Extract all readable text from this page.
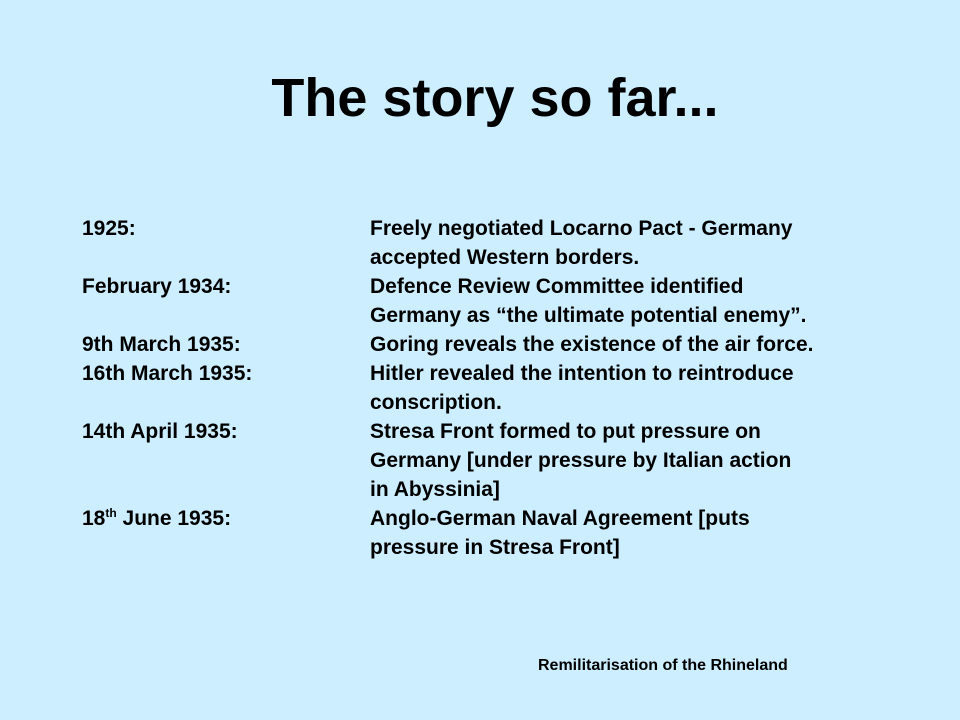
The story so far...
1925:	Freely negotiated Locarno Pact - Germany
accepted Western borders.
February 1934:	Defence Review Committee identified
Germany as “the ultimate potential enemy”.
9th March 1935:	Goring reveals the existence of the air force.
16th March 1935:	Hitler revealed the intention to reintroduce
conscription.
14th April 1935:	Stresa Front formed to put pressure on
Germany [under pressure by Italian action
in Abyssinia]
18th June 1935:	Anglo-German Naval Agreement [puts
pressure in Stresa Front]
Remilitarisation of the Rhineland
